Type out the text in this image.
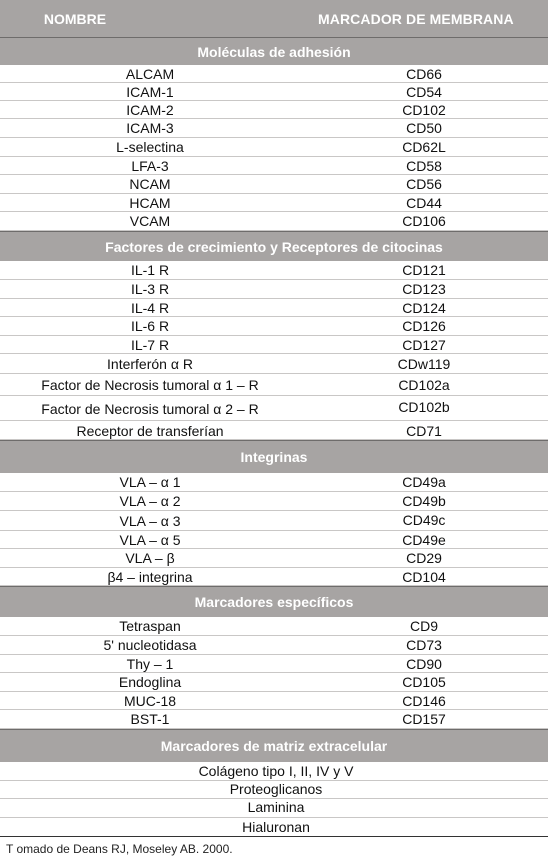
NOMBRE	MARCADOR DE MEMBRANA
Moléculas de adhesión
ALCAM	CD66
ICAM-1	CD54
ICAM-2	CD102
ICAM-3	CD50
L-selectina	CD62L
LFA-3	CD58
NCAM	CD56
HCAM	CD44
VCAM	CD106
Factores de crecimiento y Receptores de citocinas
IL-1 R	CD121
IL-3 R	CD123
IL-4 R	CD124
IL-6 R	CD126
IL-7 R	CD127
Interferón α R	CDw119
Factor de Necrosis tumoral α 1 – R	CD102a
Factor de Necrosis tumoral α 2 – R	CD102b
Receptor de transferían	CD71
Integrinas
VLA – α 1	CD49a
VLA – α 2	CD49b
VLA – α 3	CD49c
VLA – α 5	CD49e
VLA – β	CD29
β4 – integrina	CD104
Marcadores específicos
Tetraspan	CD9
5' nucleotidasa	CD73
Thy – 1	CD90
Endoglina	CD105
MUC-18	CD146
BST-1	CD157
Marcadores de matriz extracelular
Colágeno tipo I, II, IV y V
Proteoglicanos
Laminina
Hialuronan
T omado de Deans RJ, Moseley AB. 2000.
